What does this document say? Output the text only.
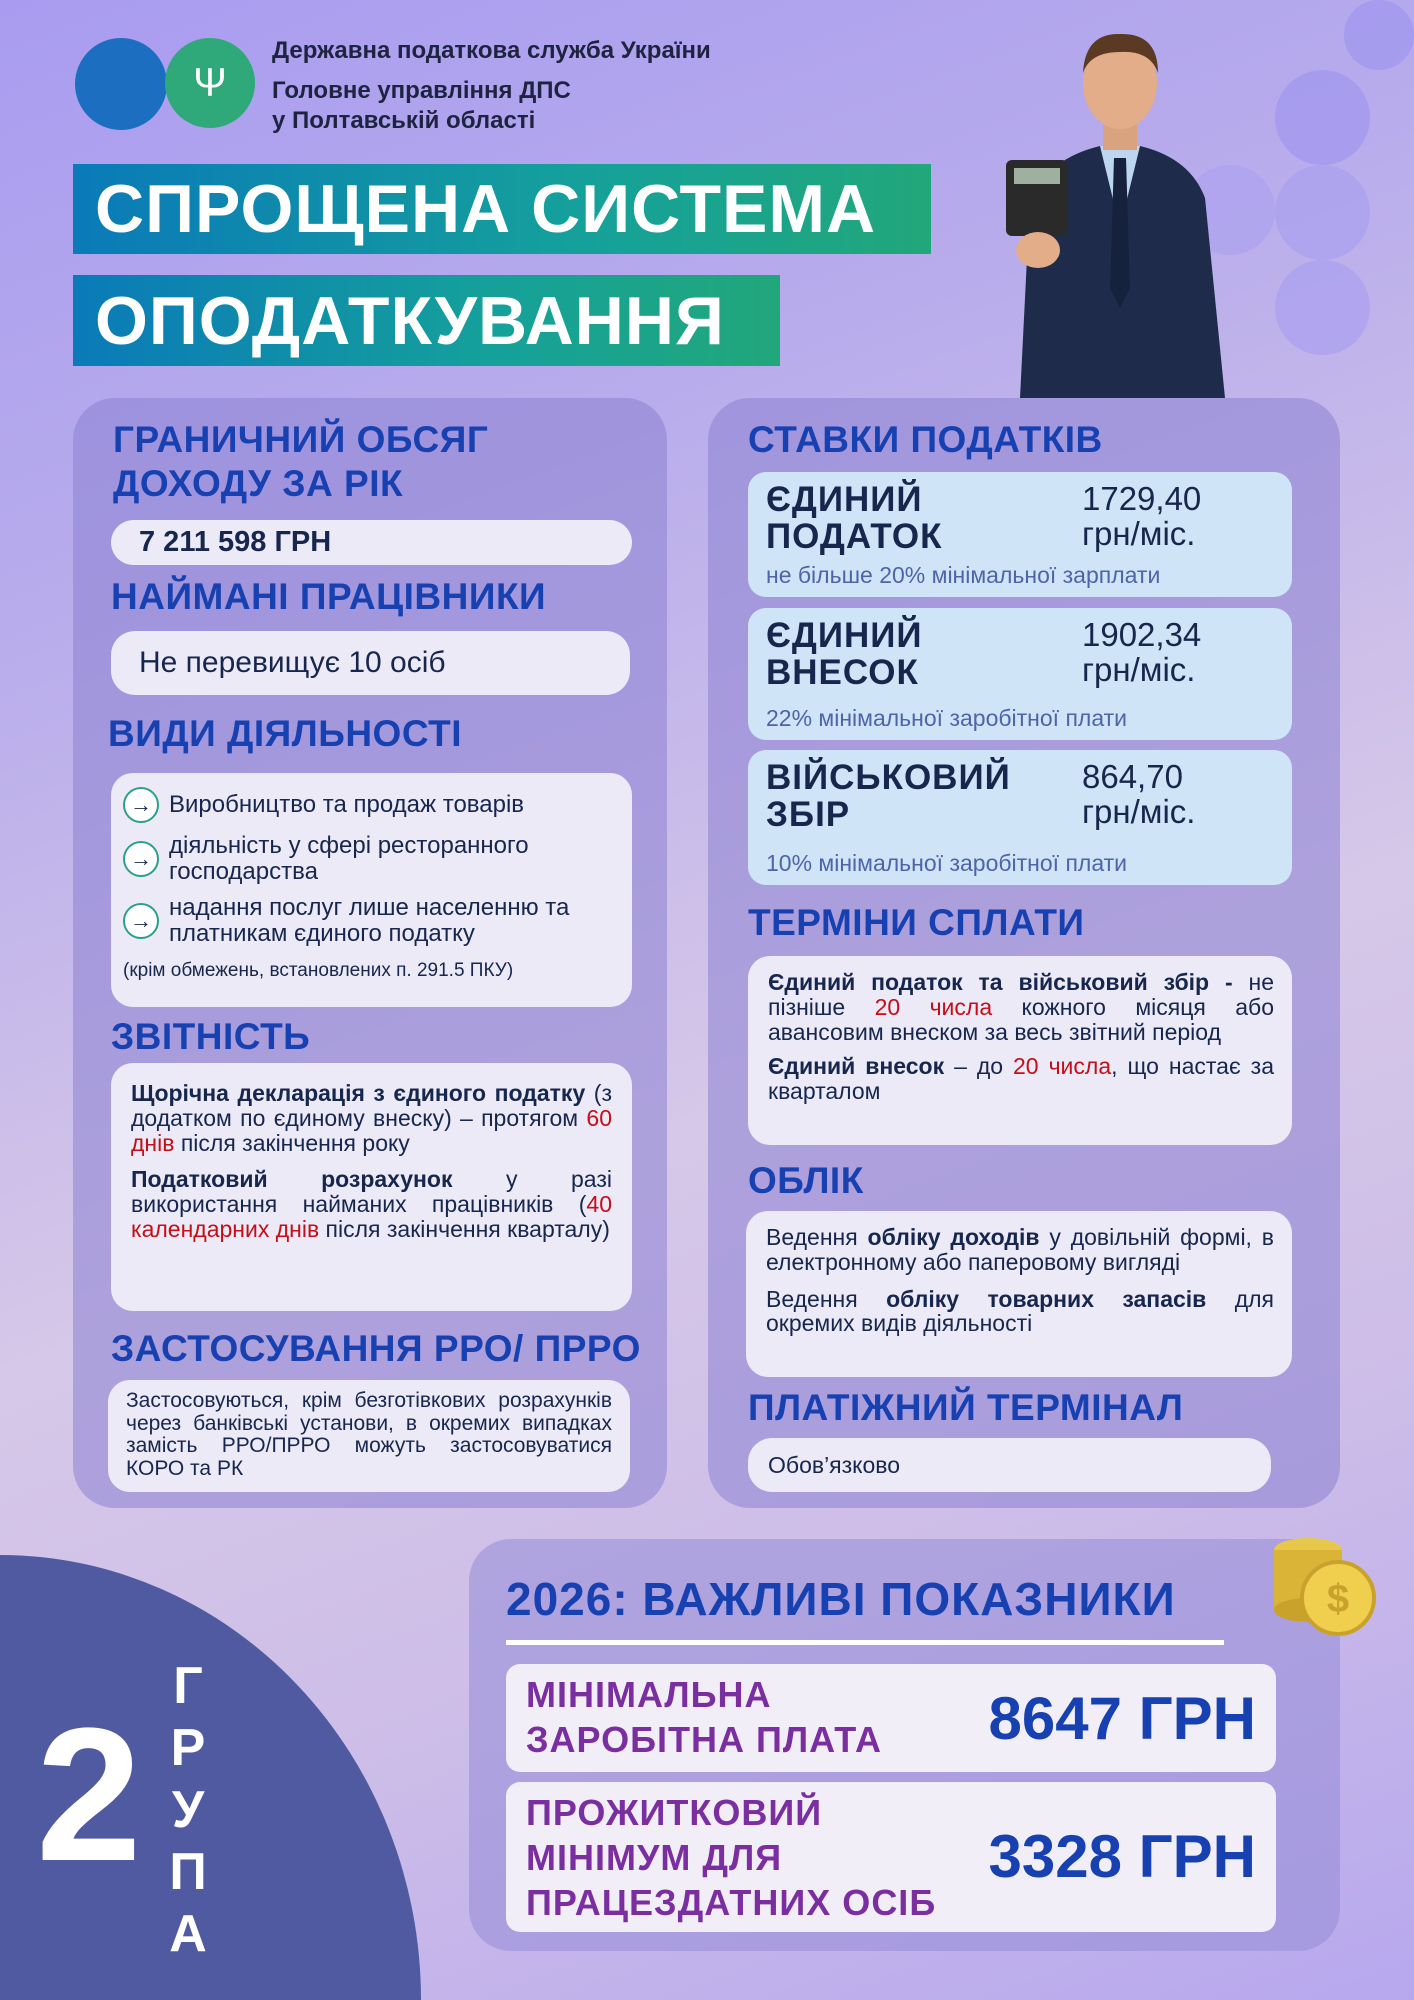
Ψ
Державна податкова служба України
Головне управління ДПС
у Полтавській області
СПРОЩЕНА СИСТЕМА
ОПОДАТКУВАННЯ
ГРАНИЧНИЙ ОБСЯГ ДОХОДУ ЗА РІК
7 211 598 ГРН
НАЙМАНІ ПРАЦІВНИКИ
Не перевищує 10 осіб
ВИДИ ДІЯЛЬНОСТІ
→ Виробництво та продаж товарів
→ діяльність у сфері ресторанного господарства
→ надання послуг лише населенню та платникам єдиного податку
(крім обмежень, встановлених п. 291.5 ПКУ)
ЗВІТНІСТЬ

Щорічна декларація з єдиного податку (з додатком по єдиному внеску) – протягом 60 днів після закінчення року

Податковий розрахунок у разі використання найманих працівників (40 календарних днів після закінчення кварталу)

ЗАСТОСУВАННЯ РРО/ ПРРО
Застосовуються, крім безготівкових розрахунків через банківські установи, в окремих випадках замість РРО/ПРРО можуть застосовуватися КОРО та РК
СТАВКИ ПОДАТКІВ
ЄДИНИЙ ПОДАТОК
1729,40
грн/міс.
не більше 20% мінімальної зарплати
ЄДИНИЙ ВНЕСОК
1902,34
грн/міс.
22% мінімальної заробітної плати
ВІЙСЬКОВИЙ ЗБІР
864,70
грн/міс.
10% мінімальної заробітної плати
ТЕРМІНИ СПЛАТИ

Єдиний податок та військовий збір - не пізніше 20 числа кожного місяця або авансовим внеском за весь звітний період

Єдиний внесок – до 20 числа, що настає за кварталом

ОБЛІК

Ведення обліку доходів у довільній формі, в електронному або паперовому вигляді

Ведення обліку товарних запасів для окремих видів діяльності

ПЛАТІЖНИЙ ТЕРМІНАЛ
Обов’язково
2
ГРУПА
2026: ВАЖЛИВІ ПОКАЗНИКИ	$
МІНІМАЛЬНА ЗАРОБІТНА ПЛАТА	8647 ГРН
ПРОЖИТКОВИЙ МІНІМУМ ДЛЯ ПРАЦЕЗДАТНИХ ОСІБ
3328 ГРН
